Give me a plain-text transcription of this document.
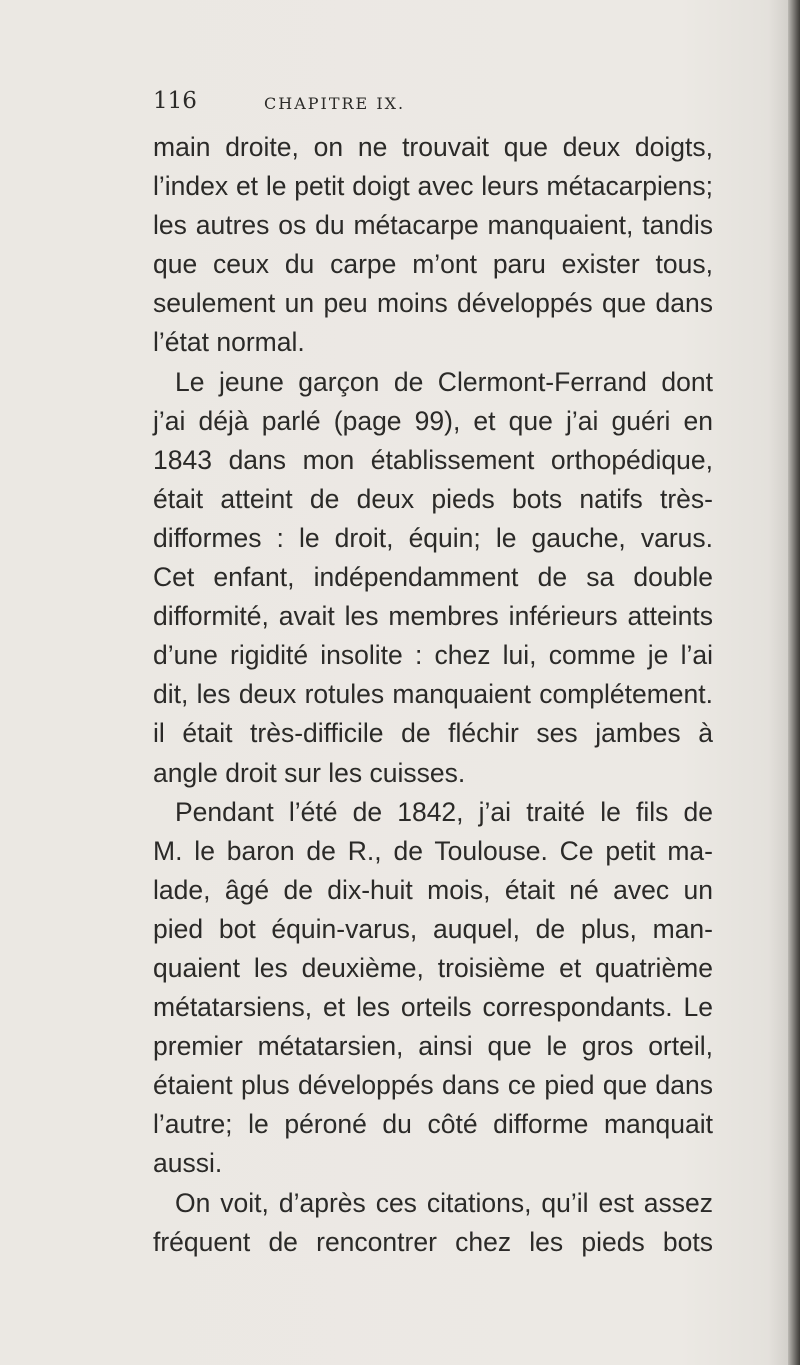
116	CHAPITRE IX.
main droite, on ne trouvait que deux doigts,
l’index et le petit doigt avec leurs métacarpiens;
les autres os du métacarpe manquaient, tandis
que ceux du carpe m’ont paru exister tous,
seulement un peu moins développés que dans
l’état normal.
Le jeune garçon de Clermont-Ferrand dont
j’ai déjà parlé (page 99), et que j’ai guéri en
1843 dans mon établissement orthopédique,
était atteint de deux pieds bots natifs très-
difformes : le droit, équin; le gauche, varus.
Cet enfant, indépendamment de sa double
difformité, avait les membres inférieurs atteints
d’une rigidité insolite : chez lui, comme je l’ai
dit, les deux rotules manquaient complétement.
il était très-difficile de fléchir ses jambes à
angle droit sur les cuisses.
Pendant l’été de 1842, j’ai traité le fils de
M. le baron de R., de Toulouse. Ce petit ma-
lade, âgé de dix-huit mois, était né avec un
pied bot équin-varus, auquel, de plus, man-
quaient les deuxième, troisième et quatrième
métatarsiens, et les orteils correspondants. Le
premier métatarsien, ainsi que le gros orteil,
étaient plus développés dans ce pied que dans
l’autre; le péroné du côté difforme manquait
aussi.
On voit, d’après ces citations, qu’il est assez
fréquent de rencontrer chez les pieds bots
